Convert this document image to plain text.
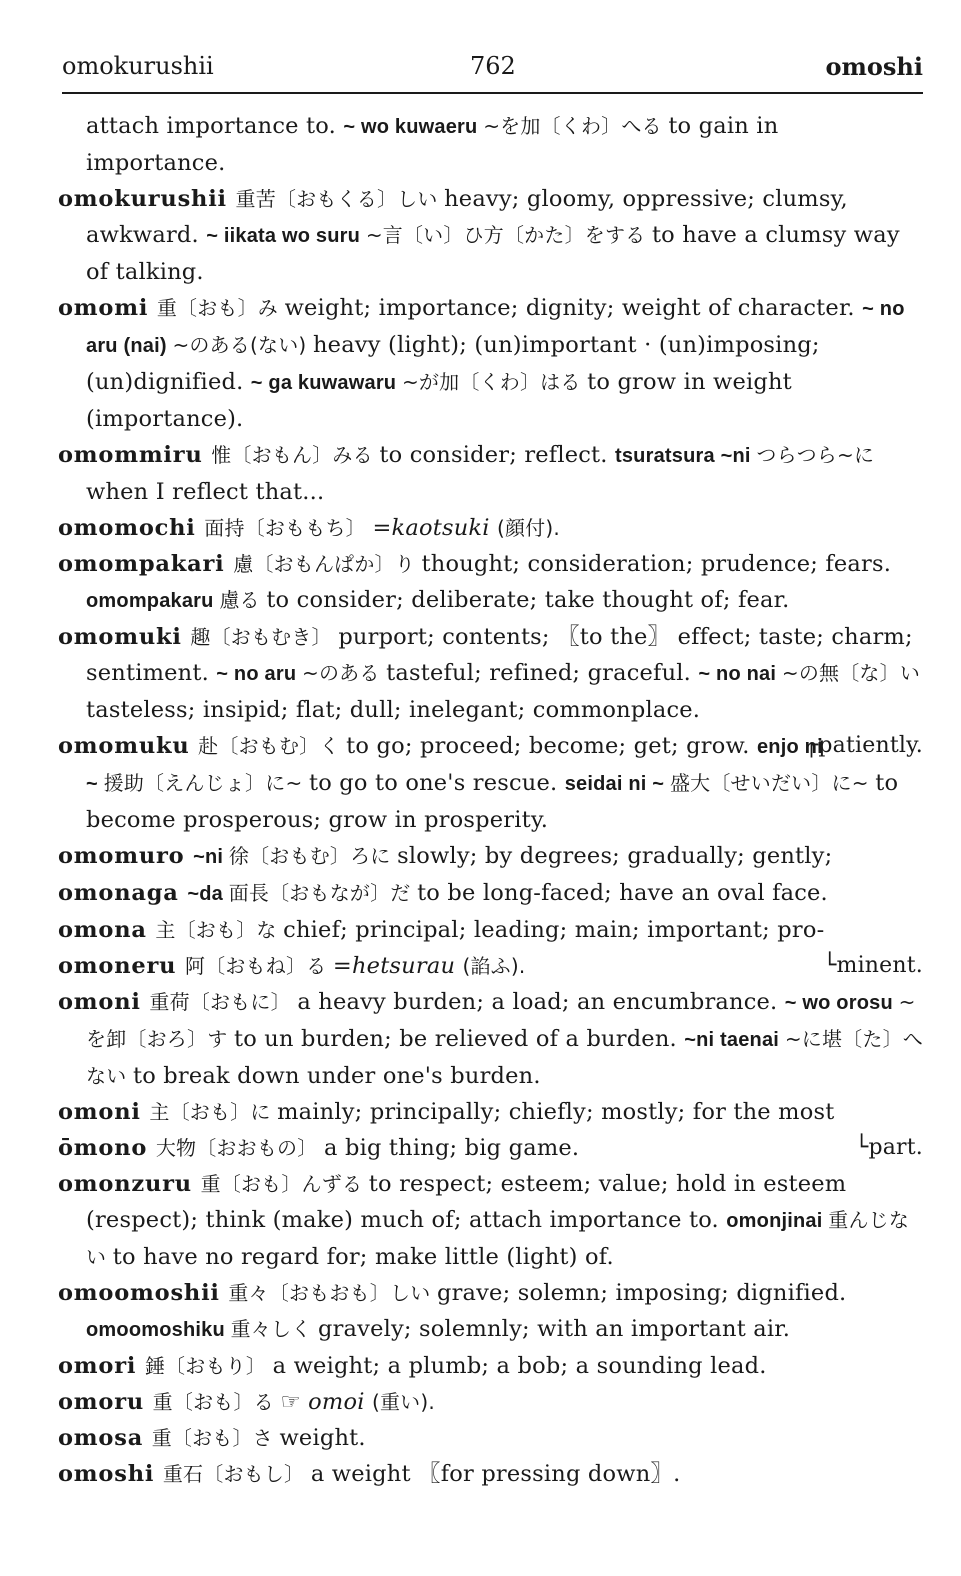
omokurushii	762	omoshi
attach importance to. ~ wo kuwaeru ~を加〔くわ〕へる to gain in importance.
omokurushii 重苦〔おもくる〕しい heavy; gloomy, oppressive; clumsy, awkward. ~ iikata wo suru ~言〔い〕ひ方〔かた〕をする to have a clumsy way of talking.
omomi 重〔おも〕み weight; importance; dignity; weight of character. ~ no aru (nai) ~のある(ない) heavy (light); (un)important · (un)imposing; (un)dignified. ~ ga kuwawaru ~が加〔くわ〕はる to grow in weight (importance).
omommiru 惟〔おもん〕みる to consider; reflect. tsuratsura ~ni つらつら~に when I reflect that...
omomochi 面持〔おももち〕 =kaotsuki (顔付).
omompakari 慮〔おもんぱか〕り thought; consideration; prudence; fears. omompakaru 慮る to consider; deliberate; take thought of; fear.
omomuki 趣〔おもむき〕 purport; contents; 〖to the〗 effect; taste; charm; sentiment. ~ no aru ~のある tasteful; refined; graceful. ~ no nai ~の無〔な〕い tasteless; insipid; flat; dull; inelegant; commonplace.
┌patiently.
omomuku 赴〔おもむ〕く to go; proceed; become; get; grow. enjo ni ~ 援助〔えんじょ〕に~ to go to one's rescue. seidai ni ~ 盛大〔せいだい〕に~ to become prosperous; grow in prosperity.
omomuro ~ni 徐〔おもむ〕ろに slowly; by degrees; gradually; gently;
omonaga ~da 面長〔おもなが〕だ to be long-faced; have an oval face.
omona 主〔おも〕な chief; principal; leading; main; important; pro-
└minent.
omoneru 阿〔おもね〕る =hetsurau (諂ふ).
omoni 重荷〔おもに〕 a heavy burden; a load; an encumbrance. ~ wo orosu ~を卸〔おろ〕す to un burden; be relieved of a burden. ~ni taenai ~に堪〔た〕へない to break down under one's burden.
omoni 主〔おも〕に mainly; principally; chiefly; mostly; for the most
└part.
ōmono 大物〔おおもの〕 a big thing; big game.
omonzuru 重〔おも〕んずる to respect; esteem; value; hold in esteem (respect); think (make) much of; attach importance to. omonjinai 重んじない to have no regard for; make little (light) of.
omoomoshii 重々〔おもおも〕しい grave; solemn; imposing; dignified. omoomoshiku 重々しく gravely; solemnly; with an important air.
omori 錘〔おもり〕 a weight; a plumb; a bob; a sounding lead.
omoru 重〔おも〕る ☞ omoi (重い).
omosa 重〔おも〕さ weight.
omoshi 重石〔おもし〕 a weight 〖for pressing down〗.
